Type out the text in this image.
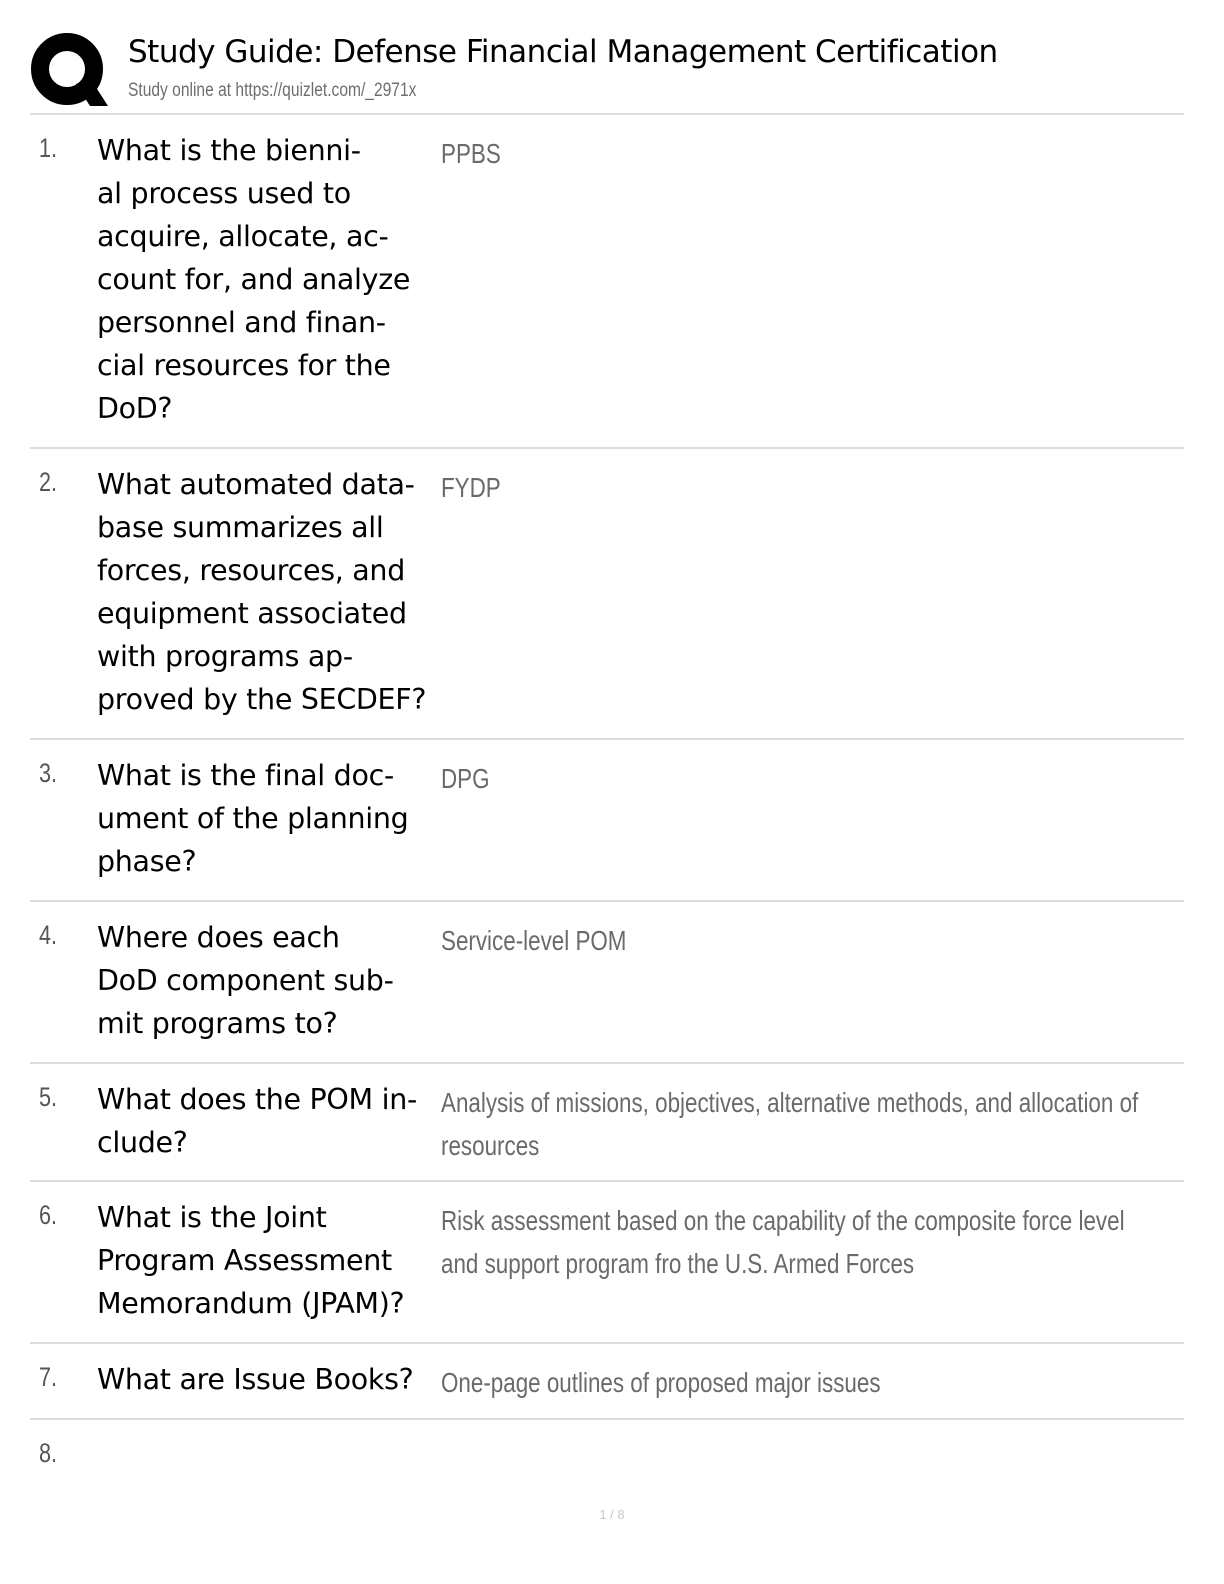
Study Guide: Defense Financial Management Certification
Study online at https://quizlet.com/_2971x
1. What is the bienni-
al process used to
acquire, allocate, ac-
count for, and analyze
personnel and finan-
cial resources for the
DoD?
PPBS
2. What automated data-
base summarizes all
forces, resources, and
equipment associated
with programs ap-
proved by the SECDEF?
FYDP
3. What is the final doc-
ument of the planning
phase?
DPG
4. Where does each
DoD component sub-
mit programs to?
Service-level POM
5. What does the POM in-
clude?
Analysis of missions, objectives, alternative methods, and allocation of resources
6. What is the Joint
Program Assessment
Memorandum (JPAM)?
Risk assessment based on the capability of the composite force level and support program fro the U.S. Armed Forces
7. What are Issue Books? One-page outlines of proposed major issues
8.
1 / 8
